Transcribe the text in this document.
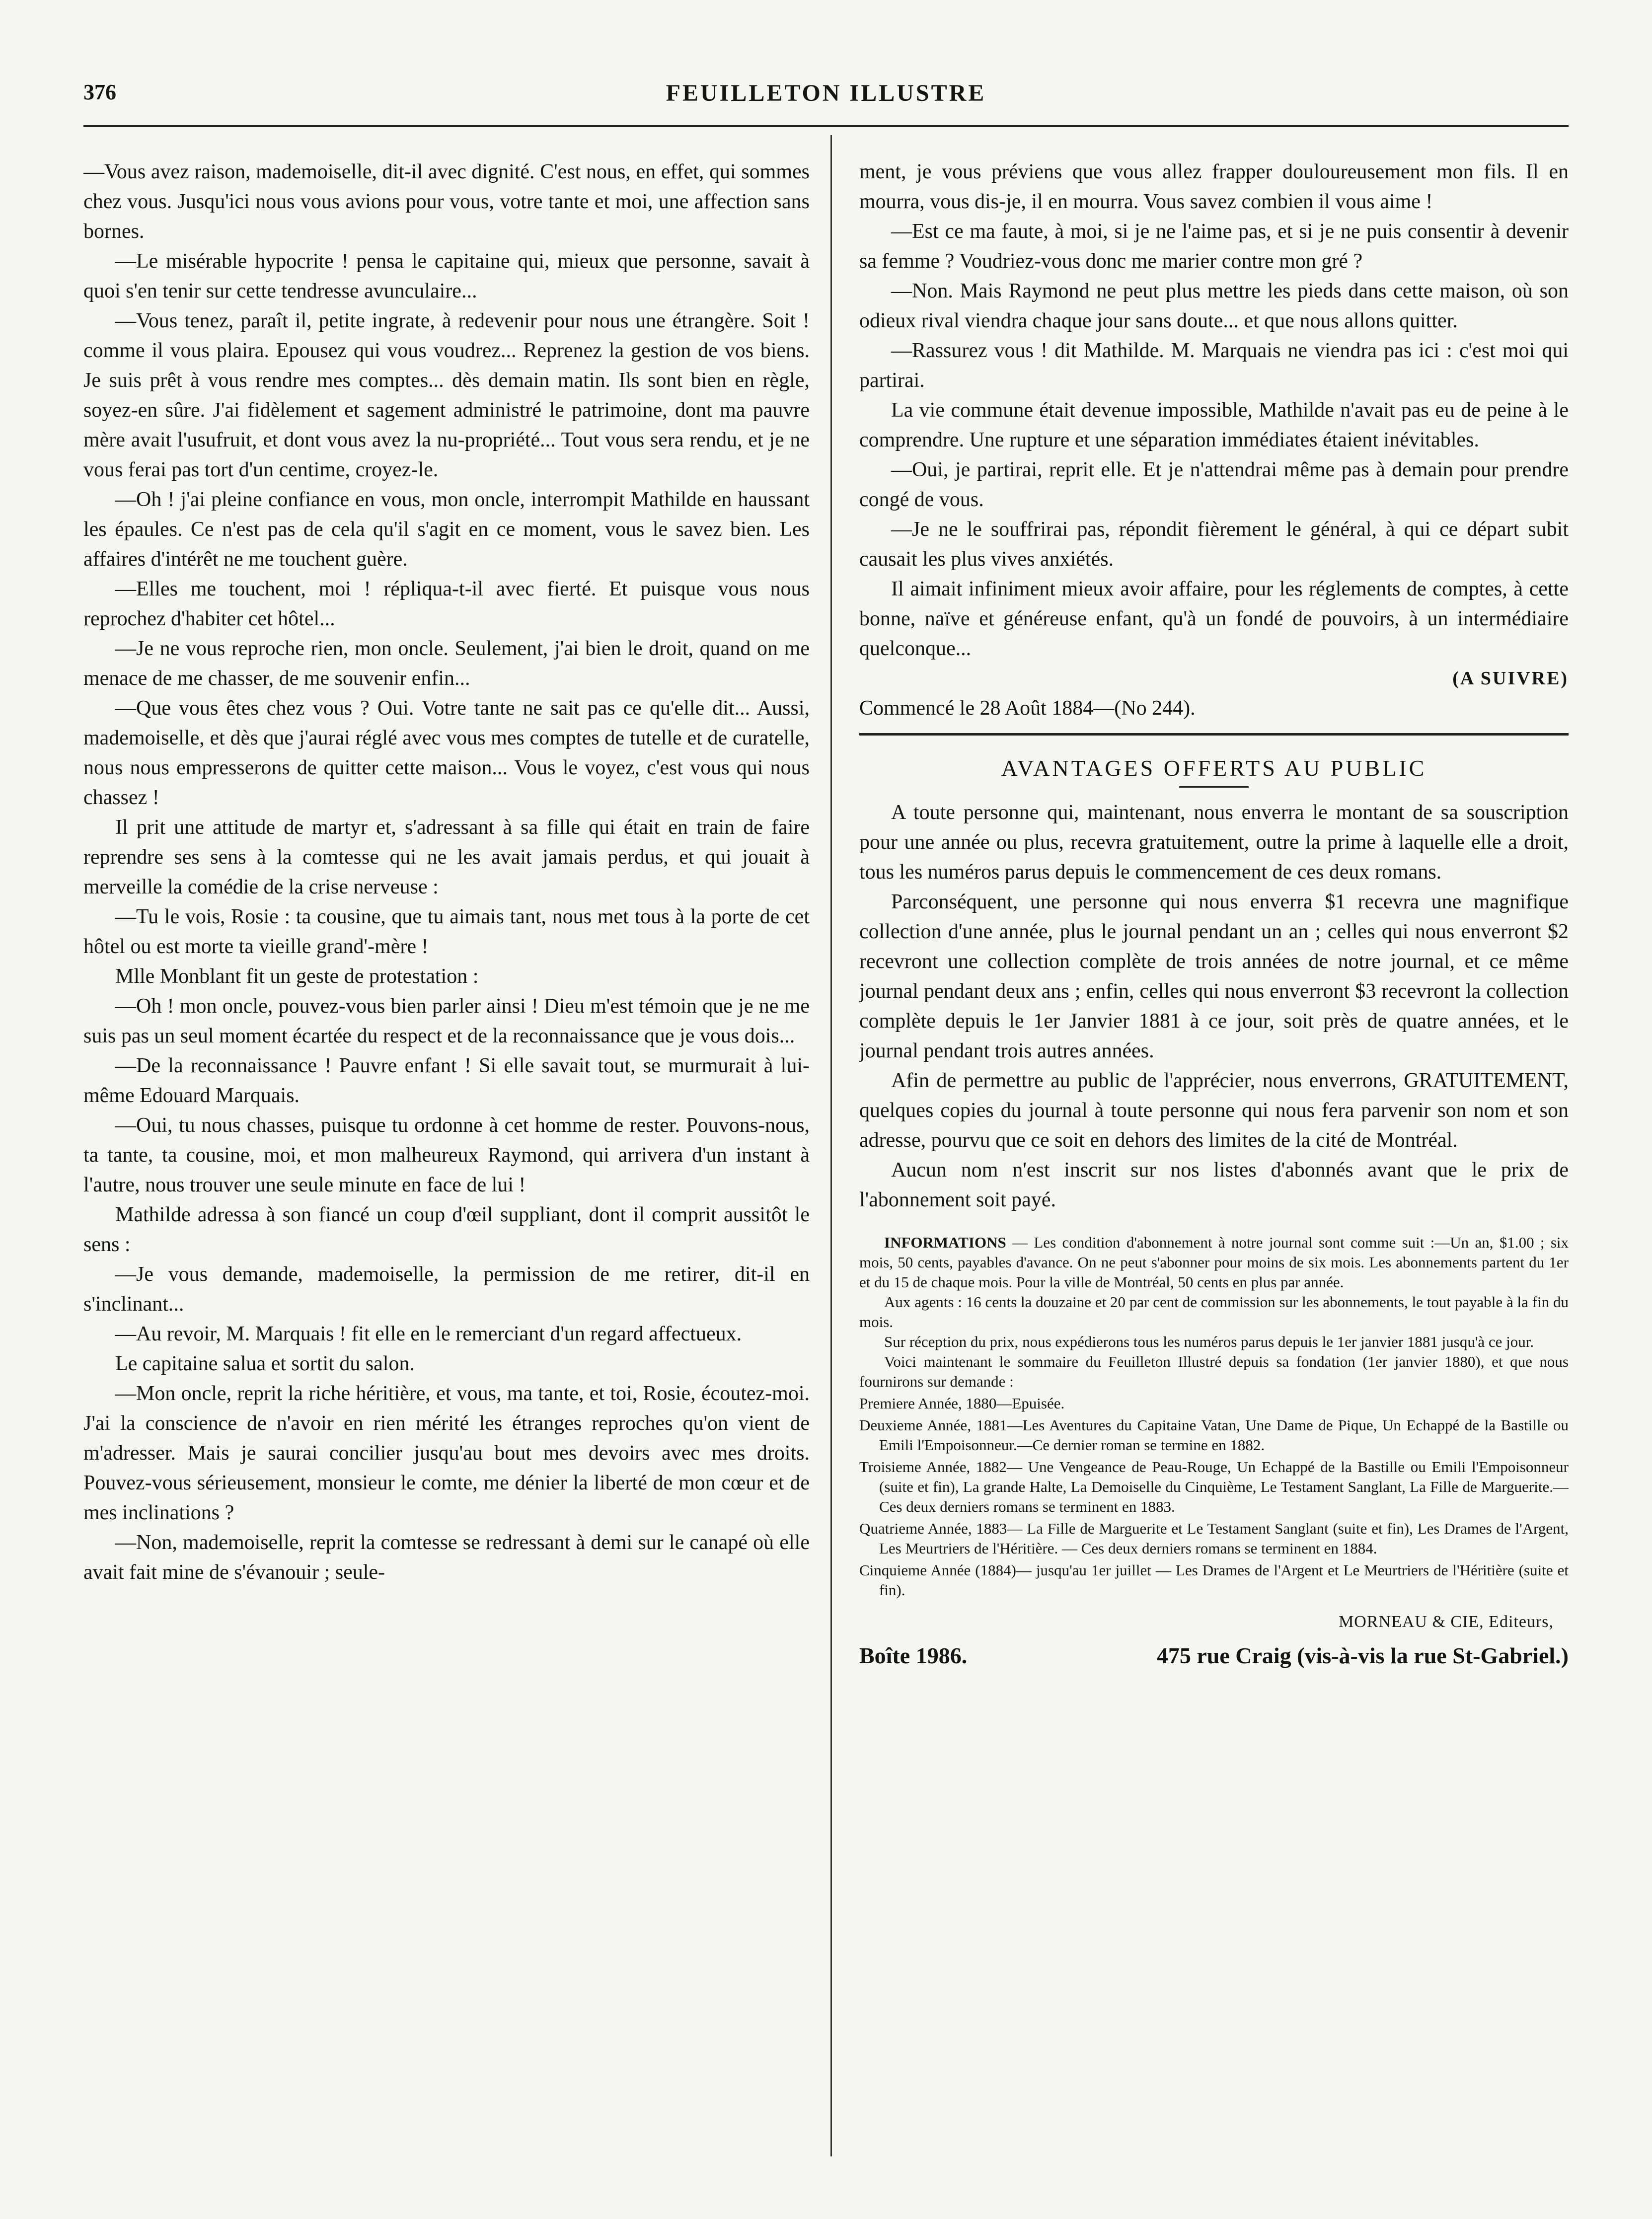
376	FEUILLETON ILLUSTRE

—Vous avez raison, mademoiselle, dit-il avec dignité. C'est nous, en effet, qui sommes chez vous. Jusqu'ici nous vous avions pour vous, votre tante et moi, une affection sans bornes.

—Le misérable hypocrite ! pensa le capitaine qui, mieux que personne, savait à quoi s'en tenir sur cette tendresse avunculaire...

—Vous tenez, paraît il, petite ingrate, à redevenir pour nous une étrangère. Soit ! comme il vous plaira. Epousez qui vous voudrez... Reprenez la gestion de vos biens. Je suis prêt à vous rendre mes comptes... dès demain matin. Ils sont bien en règle, soyez-en sûre. J'ai fidèlement et sagement administré le patrimoine, dont ma pauvre mère avait l'usufruit, et dont vous avez la nu-propriété... Tout vous sera rendu, et je ne vous ferai pas tort d'un centime, croyez-le.

—Oh ! j'ai pleine confiance en vous, mon oncle, interrompit Mathilde en haussant les épaules. Ce n'est pas de cela qu'il s'agit en ce moment, vous le savez bien. Les affaires d'intérêt ne me touchent guère.

—Elles me touchent, moi ! répliqua-t-il avec fierté. Et puisque vous nous reprochez d'habiter cet hôtel...

—Je ne vous reproche rien, mon oncle. Seulement, j'ai bien le droit, quand on me menace de me chasser, de me souvenir enfin...

—Que vous êtes chez vous ? Oui. Votre tante ne sait pas ce qu'elle dit... Aussi, mademoiselle, et dès que j'aurai réglé avec vous mes comptes de tutelle et de curatelle, nous nous empresserons de quitter cette maison... Vous le voyez, c'est vous qui nous chassez !

Il prit une attitude de martyr et, s'adressant à sa fille qui était en train de faire reprendre ses sens à la comtesse qui ne les avait jamais perdus, et qui jouait à merveille la comédie de la crise nerveuse :

—Tu le vois, Rosie : ta cousine, que tu aimais tant, nous met tous à la porte de cet hôtel ou est morte ta vieille grand'-mère !

Mlle Monblant fit un geste de protestation :

—Oh ! mon oncle, pouvez-vous bien parler ainsi ! Dieu m'est témoin que je ne me suis pas un seul moment écartée du respect et de la reconnaissance que je vous dois...

—De la reconnaissance ! Pauvre enfant ! Si elle savait tout, se murmurait à lui-même Edouard Marquais.

—Oui, tu nous chasses, puisque tu ordonne à cet homme de rester. Pouvons-nous, ta tante, ta cousine, moi, et mon malheureux Raymond, qui arrivera d'un instant à l'autre, nous trouver une seule minute en face de lui !

Mathilde adressa à son fiancé un coup d'œil suppliant, dont il comprit aussitôt le sens :

—Je vous demande, mademoiselle, la permission de me retirer, dit-il en s'inclinant...

—Au revoir, M. Marquais ! fit elle en le remerciant d'un regard affectueux.

Le capitaine salua et sortit du salon.

—Mon oncle, reprit la riche héritière, et vous, ma tante, et toi, Rosie, écoutez-moi. J'ai la conscience de n'avoir en rien mérité les étranges reproches qu'on vient de m'adresser. Mais je saurai concilier jusqu'au bout mes devoirs avec mes droits. Pouvez-vous sérieusement, monsieur le comte, me dénier la liberté de mon cœur et de mes inclinations ?

—Non, mademoiselle, reprit la comtesse se redressant à demi sur le canapé où elle avait fait mine de s'évanouir ; seule-

ment, je vous préviens que vous allez frapper douloureusement mon fils. Il en mourra, vous dis-je, il en mourra. Vous savez combien il vous aime !

—Est ce ma faute, à moi, si je ne l'aime pas, et si je ne puis consentir à devenir sa femme ? Voudriez-vous donc me marier contre mon gré ?

—Non. Mais Raymond ne peut plus mettre les pieds dans cette maison, où son odieux rival viendra chaque jour sans doute... et que nous allons quitter.

—Rassurez vous ! dit Mathilde. M. Marquais ne viendra pas ici : c'est moi qui partirai.

La vie commune était devenue impossible, Mathilde n'avait pas eu de peine à le comprendre. Une rupture et une séparation immédiates étaient inévitables.

—Oui, je partirai, reprit elle. Et je n'attendrai même pas à demain pour prendre congé de vous.

—Je ne le souffrirai pas, répondit fièrement le général, à qui ce départ subit causait les plus vives anxiétés.

Il aimait infiniment mieux avoir affaire, pour les réglements de comptes, à cette bonne, naïve et généreuse enfant, qu'à un fondé de pouvoirs, à un intermédiaire quelconque...

(A SUIVRE)

Commencé le 28 Août 1884—(No 244).

AVANTAGES OFFERTS AU PUBLIC

A toute personne qui, maintenant, nous enverra le montant de sa souscription pour une année ou plus, recevra gratuitement, outre la prime à laquelle elle a droit, tous les numéros parus depuis le commencement de ces deux romans.

Parconséquent, une personne qui nous enverra $1 recevra une magnifique collection d'une année, plus le journal pendant un an ; celles qui nous enverront $2 recevront une collection complète de trois années de notre journal, et ce même journal pendant deux ans ; enfin, celles qui nous enverront $3 recevront la collection complète depuis le 1er Janvier 1881 à ce jour, soit près de quatre années, et le journal pendant trois autres années.

Afin de permettre au public de l'apprécier, nous enverrons, GRATUITEMENT, quelques copies du journal à toute personne qui nous fera parvenir son nom et son adresse, pourvu que ce soit en dehors des limites de la cité de Montréal.

Aucun nom n'est inscrit sur nos listes d'abonnés avant que le prix de l'abonnement soit payé.

INFORMATIONS — Les condition d'abonnement à notre journal sont comme suit :—Un an, $1.00 ; six mois, 50 cents, payables d'avance. On ne peut s'abonner pour moins de six mois. Les abonnements partent du 1er et du 15 de chaque mois. Pour la ville de Montréal, 50 cents en plus par année.

Aux agents : 16 cents la douzaine et 20 par cent de commission sur les abonnements, le tout payable à la fin du mois.

Sur réception du prix, nous expédierons tous les numéros parus depuis le 1er janvier 1881 jusqu'à ce jour.

Voici maintenant le sommaire du Feuilleton Illustré depuis sa fondation (1er janvier 1880), et que nous fournirons sur demande :

Premiere Année, 1880—Epuisée.

Deuxieme Année, 1881—Les Aventures du Capitaine Vatan, Une Dame de Pique, Un Echappé de la Bastille ou Emili l'Empoisonneur.—Ce dernier roman se termine en 1882.

Troisieme Année, 1882— Une Vengeance de Peau-Rouge, Un Echappé de la Bastille ou Emili l'Empoisonneur (suite et fin), La grande Halte, La Demoiselle du Cinquième, Le Testament Sanglant, La Fille de Marguerite.—Ces deux derniers romans se terminent en 1883.

Quatrieme Année, 1883— La Fille de Marguerite et Le Testament Sanglant (suite et fin), Les Drames de l'Argent, Les Meurtriers de l'Héritière. — Ces deux derniers romans se terminent en 1884.

Cinquieme Année (1884)— jusqu'au 1er juillet — Les Drames de l'Argent et Le Meurtriers de l'Héritière (suite et fin).

MORNEAU & CIE, Editeurs,
Boîte 1986.	475 rue Craig (vis-à-vis la rue St-Gabriel.)
